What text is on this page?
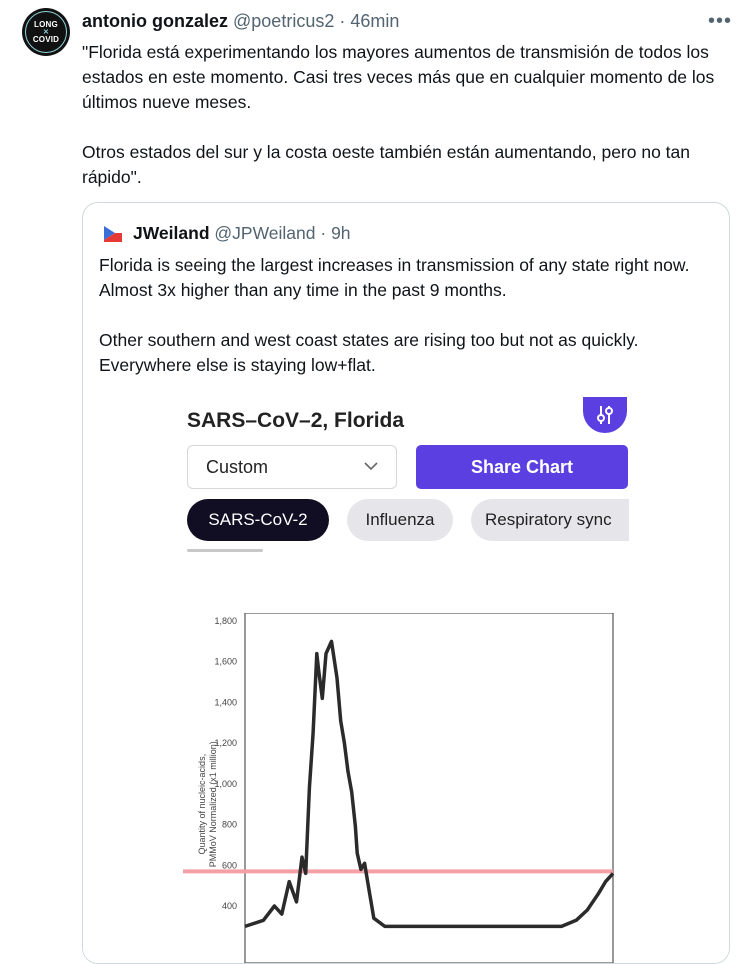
LONG
✕
COVID
antonio gonzalez @poetricus2 · 46min	•••

"Florida está experimentando los mayores aumentos de transmisión de todos los estados en este momento. Casi tres veces más que en cualquier momento de los últimos nueve meses.

Otros estados del sur y la costa oeste también están aumentando, pero no tan rápido".

JWeiland @JPWeiland · 9h

Florida is seeing the largest increases in transmission of any state right now. Almost 3x higher than any time in the past 9 months.

Other southern and west coast states are rising too but not as quickly. Everywhere else is staying low+flat.

SARS–CoV–2, Florida
Custom	Share Chart
SARS-CoV-2	Influenza	Respiratory sync
1,800
1,600
1,400
1,200
1,000
800
600
400
Quantity of nucleic-acids,PMMoV Normalized (x1 million)
